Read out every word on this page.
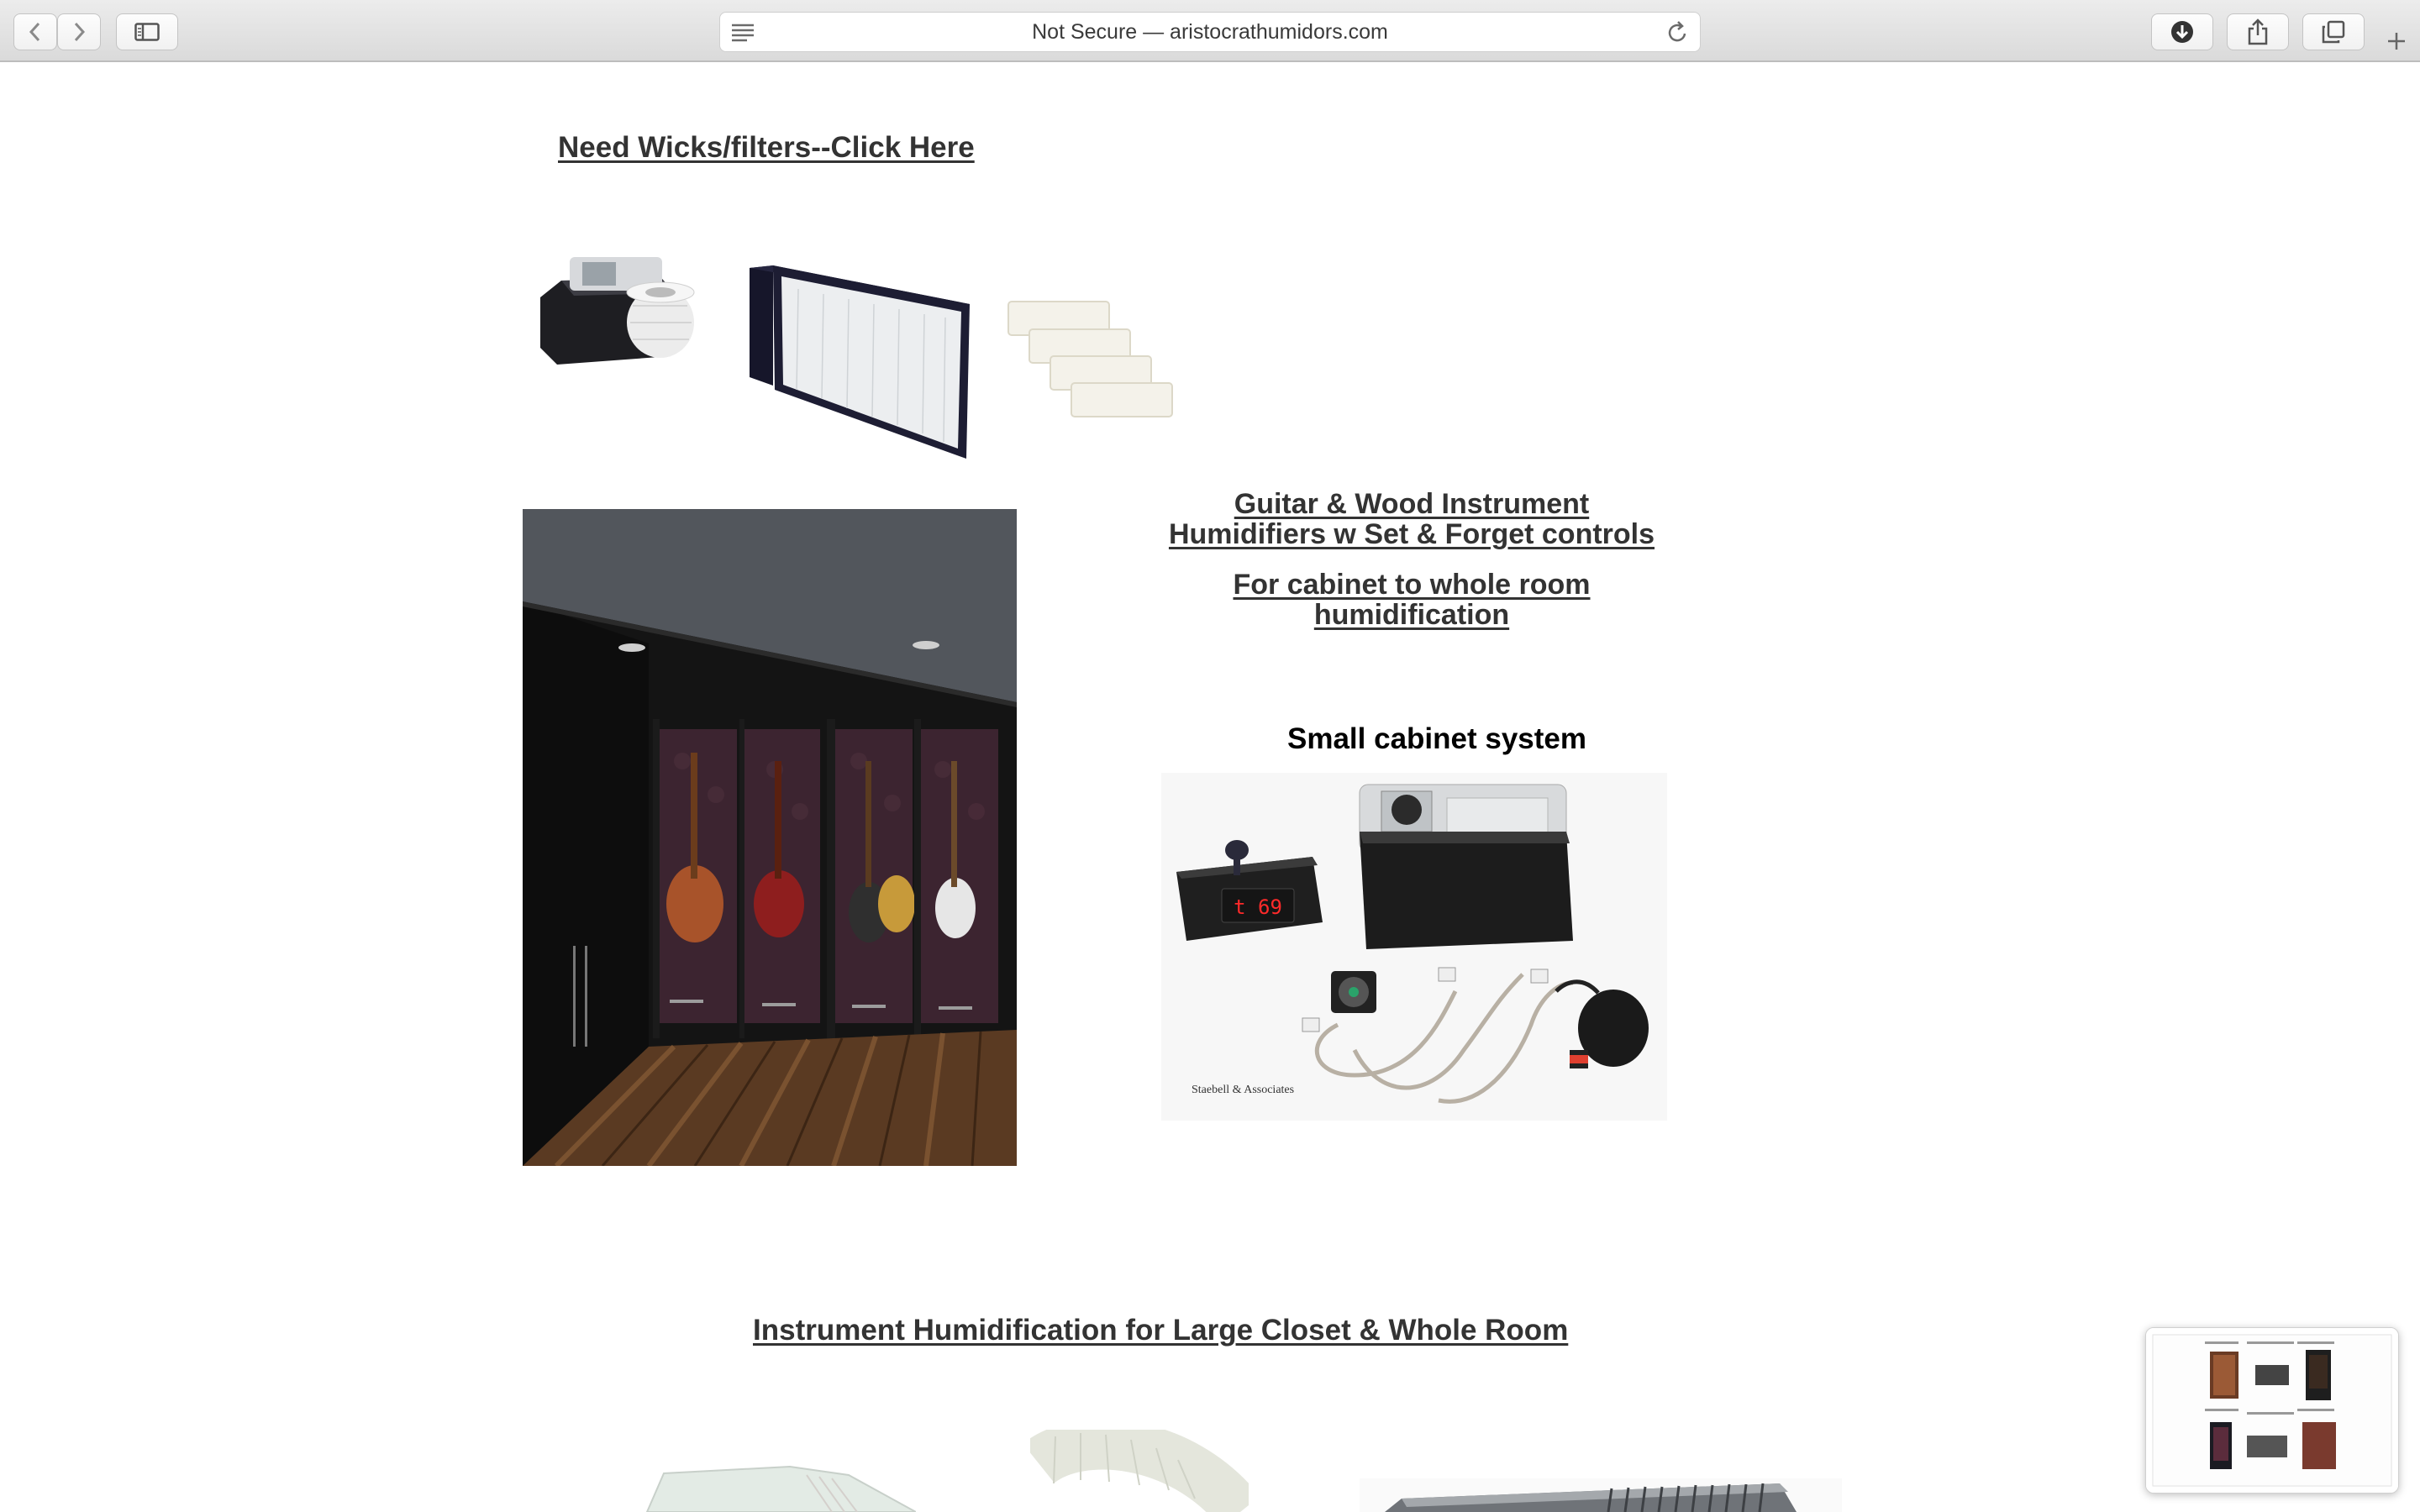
Not Secure — aristocrathumidors.com
Need Wicks/filters--Click Here
Guitar & Wood Instrument
Humidifiers w Set & Forget controls
For cabinet to whole room
humidification
Small cabinet system
t 69
Staebell & Associates
Instrument Humidification for Large Closet & Whole Room
